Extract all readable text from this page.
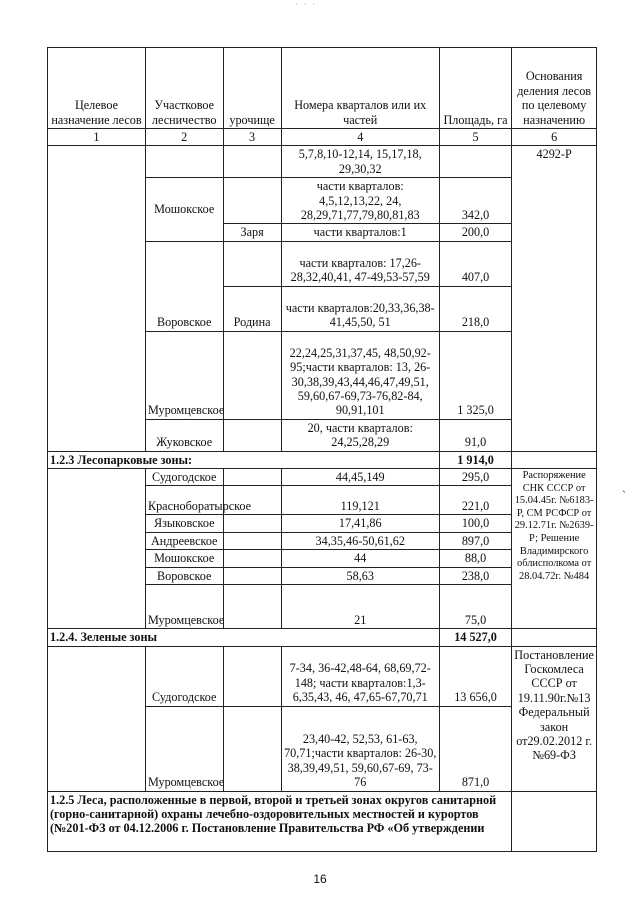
· · ·
Целевое назначение лесов	Участковое лесничество	урочище	Номера кварталов или их частей	Площадь, га	Основания деления лесов по целевому назначению
1	2	3	4	5	6
			5,7,8,10-12,14, 15,17,18, 29,30,32		4292-Р
	Мошокское		части кварталов: 4,5,12,13,22, 24, 28,29,71,77,79,80,81,83	342,0	
		Заря	части кварталов:1	200,0	
	Воровское		части кварталов: 17,26-28,32,40,41, 47-49,53-57,59	407,0	
		Родина	части кварталов:20,33,36,38-41,45,50, 51	218,0	
	Муромцевское		22,24,25,31,37,45, 48,50,92-95;части кварталов: 13, 26-30,38,39,43,44,46,47,49,51, 59,60,67-69,73-76,82-84, 90,91,101	1 325,0	
	Жуковское		20, части кварталов: 24,25,28,29	91,0	
1.2.3 Лесопарковые зоны:				1 914,0	
	Судогодское		44,45,149	295,0	Распоряжение СНК СССР от 15.04.45г. №6183-Р, СМ РСФСР от 29.12.71г. №2639-Р; Решение Владимирского облисполкома от 28.04.72г. №484
	Красноборатырское		119,121	221,0	
	Языковское		17,41,86	100,0	
	Андреевское		34,35,46-50,61,62	897,0	
	Мошокское		44	88,0	
	Воровское		58,63	238,0	
	Муромцевское		21	75,0	
1.2.4. Зеленые зоны				14 527,0	
	Судогодское		7-34, 36-42,48-64, 68,69,72-148; части кварталов:1,3-6,35,43, 46, 47,65-67,70,71	13 656,0	Постановление Госкомлеса СССР от 19.11.90г.№13 Федеральный закон от29.02.2012 г.№69-ФЗ
	Муромцевское		23,40-42, 52,53, 61-63, 70,71;части кварталов: 26-30, 38,39,49,51, 59,60,67-69, 73-76	871,0	
1.2.5 Леса, расположенные в первой, второй и третьей зонах округов санитарной (горно-санитарной) охраны лечебно-оздоровительных местностей и курортов (№201-ФЗ от 04.12.2006 г. Постановление Правительства РФ «Об утверждении					
`
16
